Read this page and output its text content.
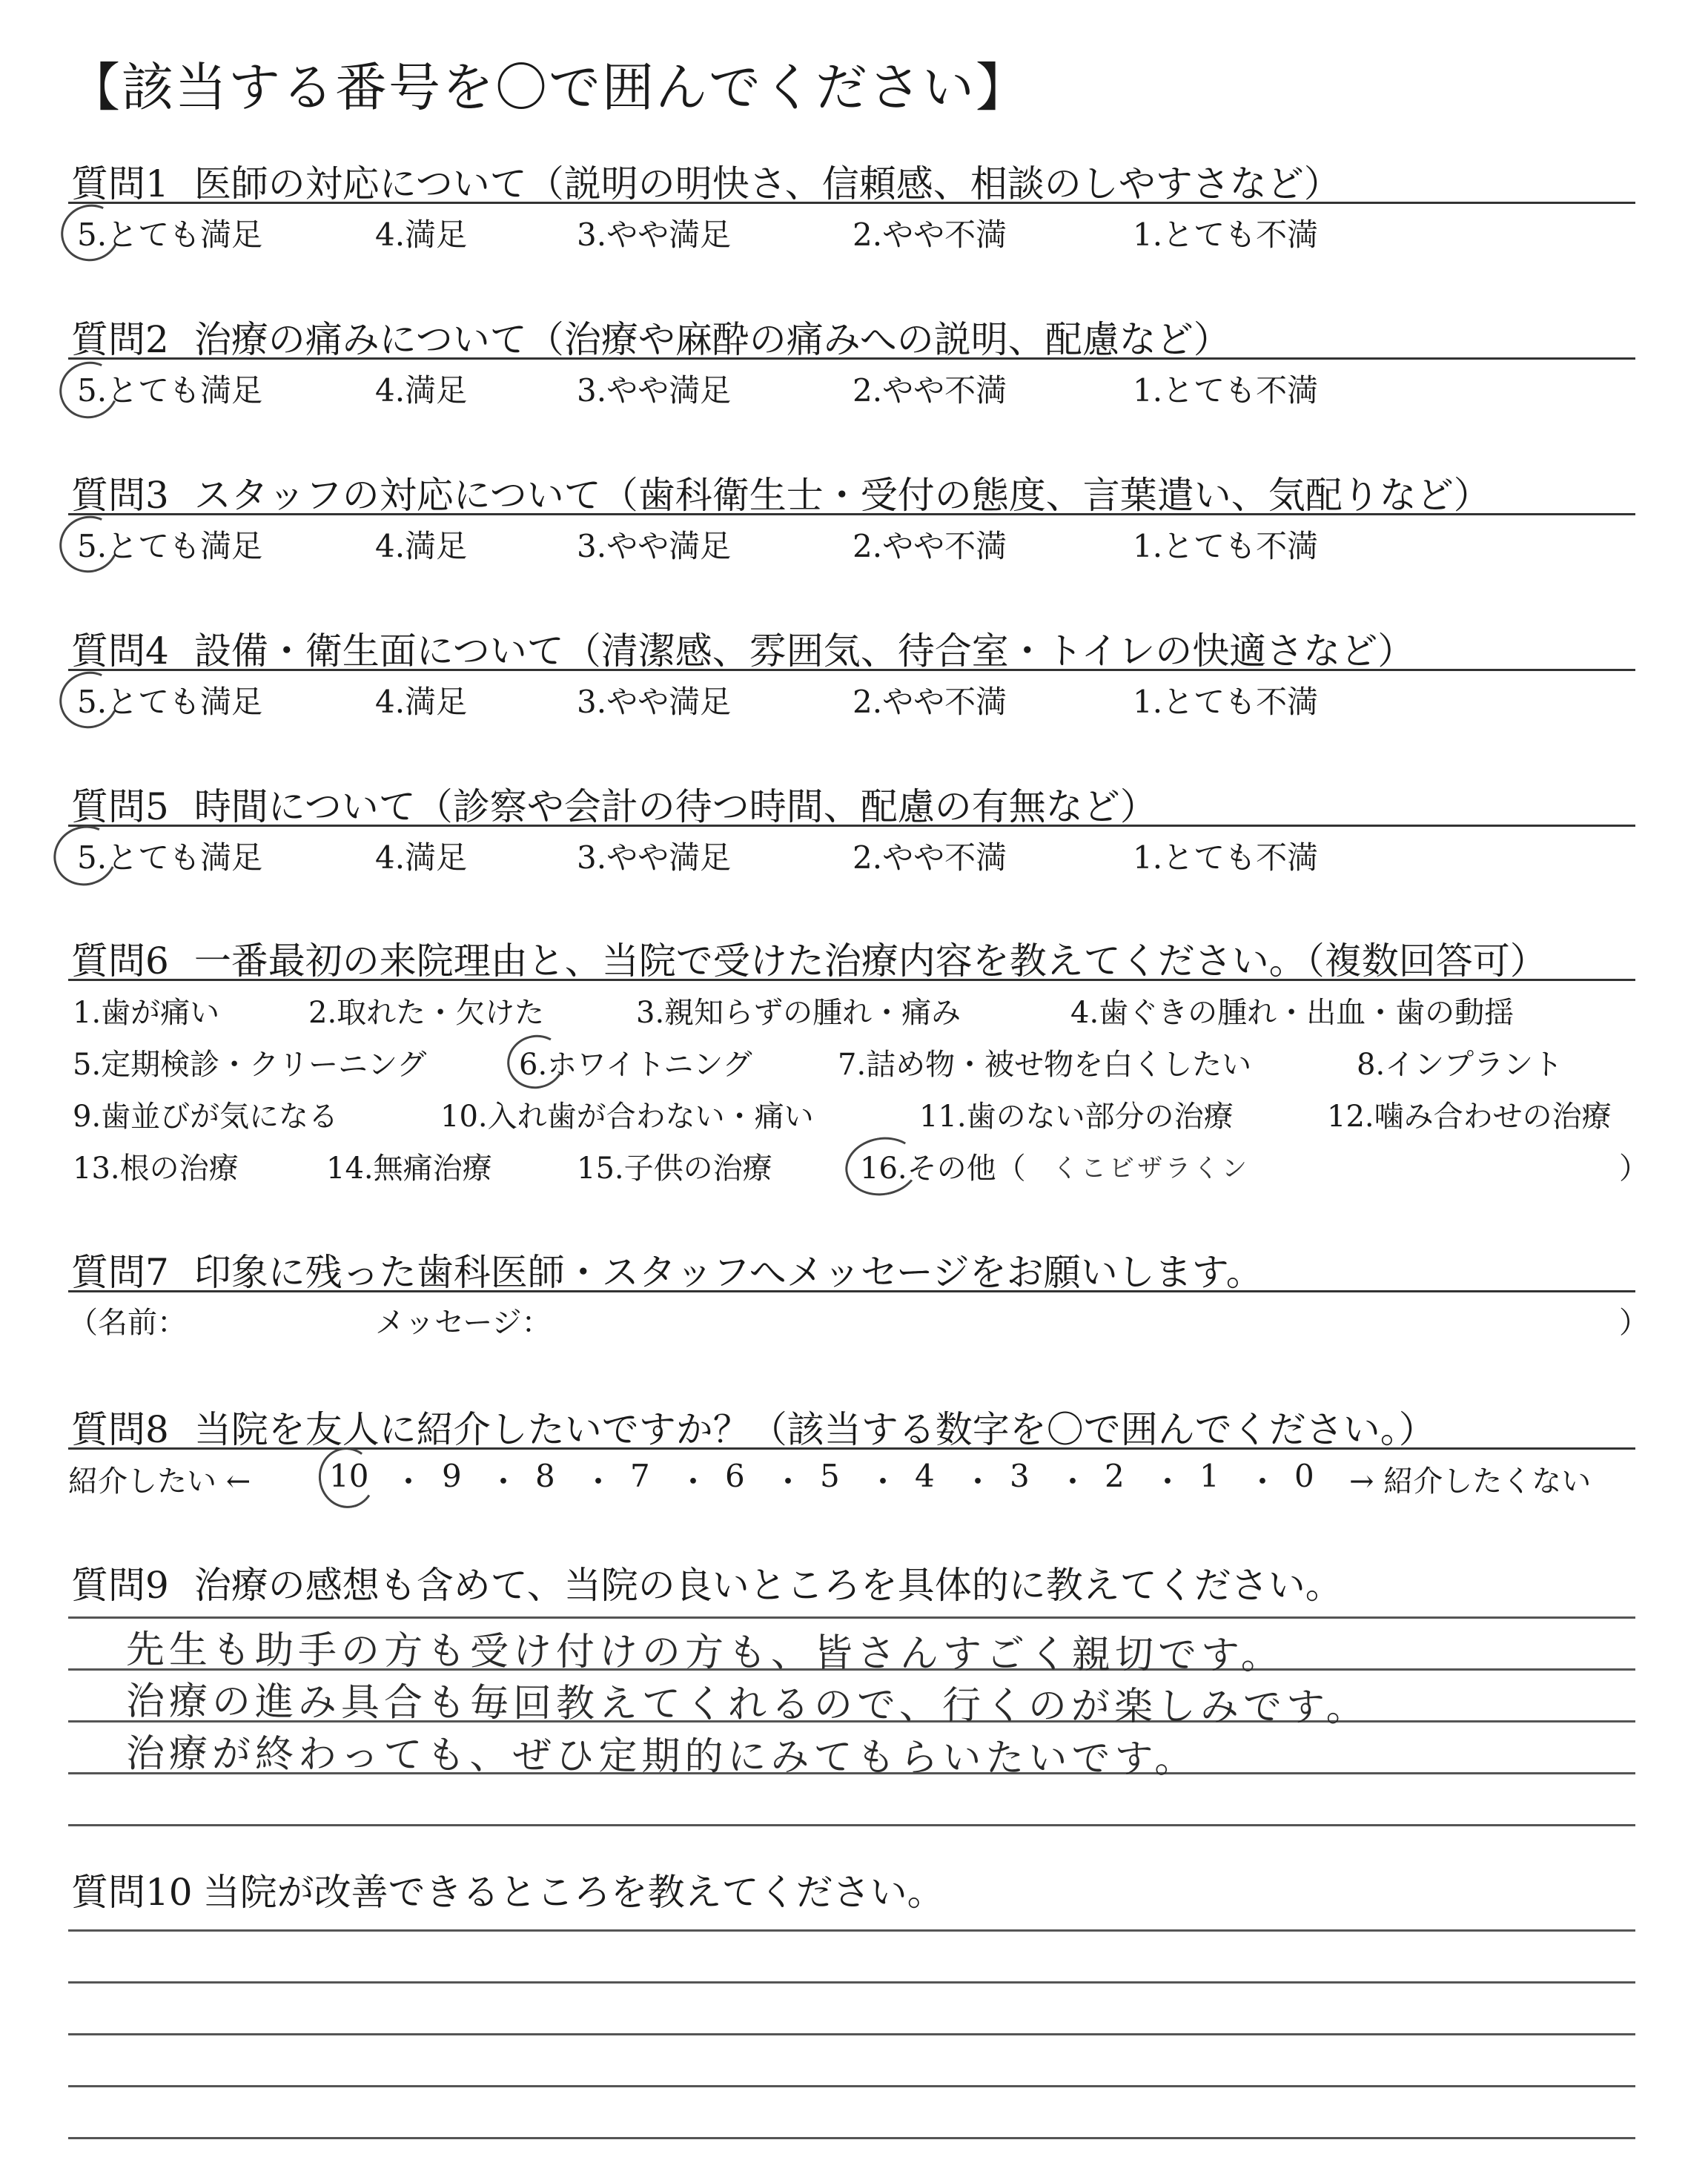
【該当する番号を〇で囲んでください】
質問1 医師の対応について（説明の明快さ、信頼感、相談のしやすさなど）
5.とても満足	4.満足	3.やや満足	2.やや不満	1.とても不満
質問2 治療の痛みについて（治療や麻酔の痛みへの説明、配慮など）
5.とても満足	4.満足	3.やや満足	2.やや不満	1.とても不満
質問3 スタッフの対応について（歯科衛生士・受付の態度、言葉遣い、気配りなど）
5.とても満足	4.満足	3.やや満足	2.やや不満	1.とても不満
質問4 設備・衛生面について（清潔感、雰囲気、待合室・トイレの快適さなど）
5.とても満足	4.満足	3.やや満足	2.やや不満	1.とても不満
質問5 時間について（診察や会計の待つ時間、配慮の有無など）
5.とても満足	4.満足	3.やや満足	2.やや不満	1.とても不満
質問6 一番最初の来院理由と、当院で受けた治療内容を教えてください。（複数回答可）
1.歯が痛い	2.取れた・欠けた	3.親知らずの腫れ・痛み	4.歯ぐきの腫れ・出血・歯の動揺
5.定期検診・クリーニング	6.ホワイトニング	7.詰め物・被せ物を白くしたい	8.インプラント
9.歯並びが気になる	10.入れ歯が合わない・痛い	11.歯のない部分の治療	12.噛み合わせの治療
13.根の治療	14.無痛治療	15.子供の治療	16.その他（ くこビザラくン	）
質問7 印象に残った歯科医師・スタッフへメッセージをお願いします。
（名前：	メッセージ：	）
質問8 当院を友人に紹介したいですか？（該当する数字を〇で囲んでください。）
紹介したい ←	10 ・ 9 ・ 8 ・ 7 ・ 6 ・ 5 ・ 4 ・ 3 ・ 2 ・ 1 ・ 0 → 紹介したくない
質問9 治療の感想も含めて、当院の良いところを具体的に教えてください。
先生も助手の方も受け付けの方も、皆さんすごく親切です。
治療の進み具合も毎回教えてくれるので、行くのが楽しみです。
治療が終わっても、ぜひ定期的にみてもらいたいです。
質問10 当院が改善できるところを教えてください。
